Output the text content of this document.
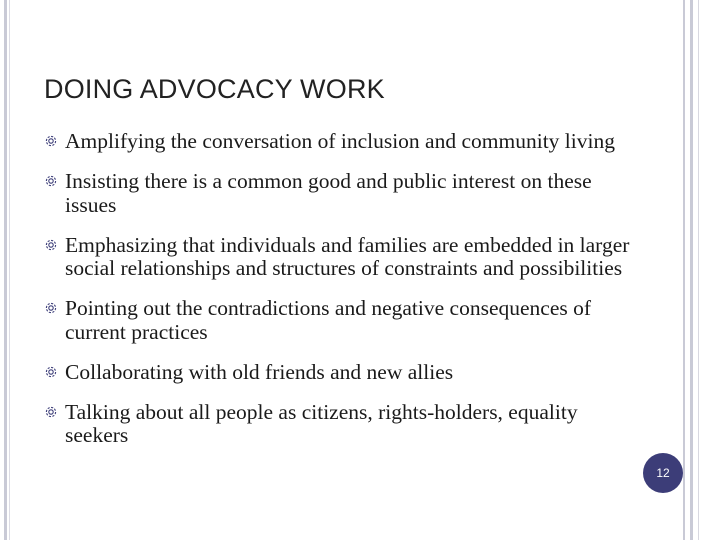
DOING ADVOCACY WORK
Amplifying the conversation of inclusion and community living
Insisting there is a common good and public interest on these issues
Emphasizing that individuals and families are embedded in larger social relationships and structures of constraints and possibilities
Pointing out the contradictions and negative consequences of current practices
Collaborating with old friends and new allies
Talking about all people as citizens, rights-holders, equality seekers
12
